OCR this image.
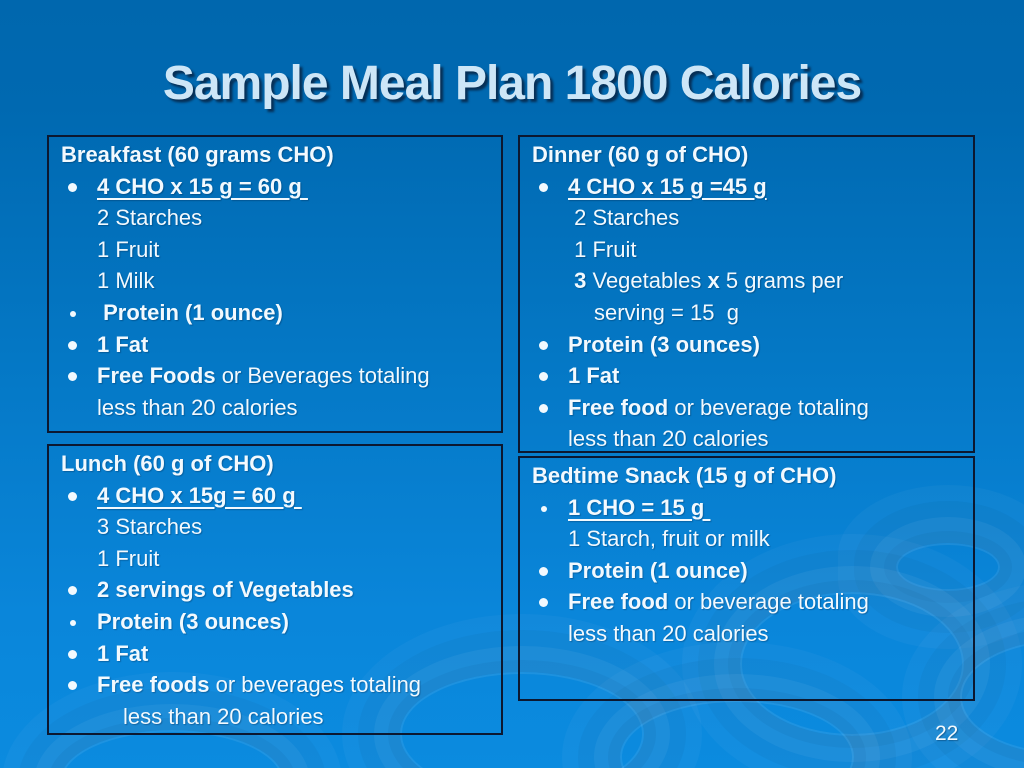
Sample Meal Plan 1800 Calories
Breakfast (60 grams CHO)
4 CHO x 15 g = 60 g
2 Starches
1 Fruit
1 Milk
Protein (1 ounce)
1 Fat
Free Foods or Beverages totaling
less than 20 calories
Lunch (60 g of CHO)
4 CHO x 15g = 60 g
3 Starches
1 Fruit
2 servings of Vegetables
Protein (3 ounces)
1 Fat
Free foods or beverages totaling
less than 20 calories
Dinner (60 g of CHO)
4 CHO x 15 g =45 g
2 Starches
1 Fruit
3 Vegetables x 5 grams per
serving = 15  g
Protein (3 ounces)
1 Fat
Free food or beverage totaling
less than 20 calories
Bedtime Snack (15 g of CHO)
1 CHO = 15 g
1 Starch, fruit or milk
Protein (1 ounce)
Free food or beverage totaling
less than 20 calories
22
